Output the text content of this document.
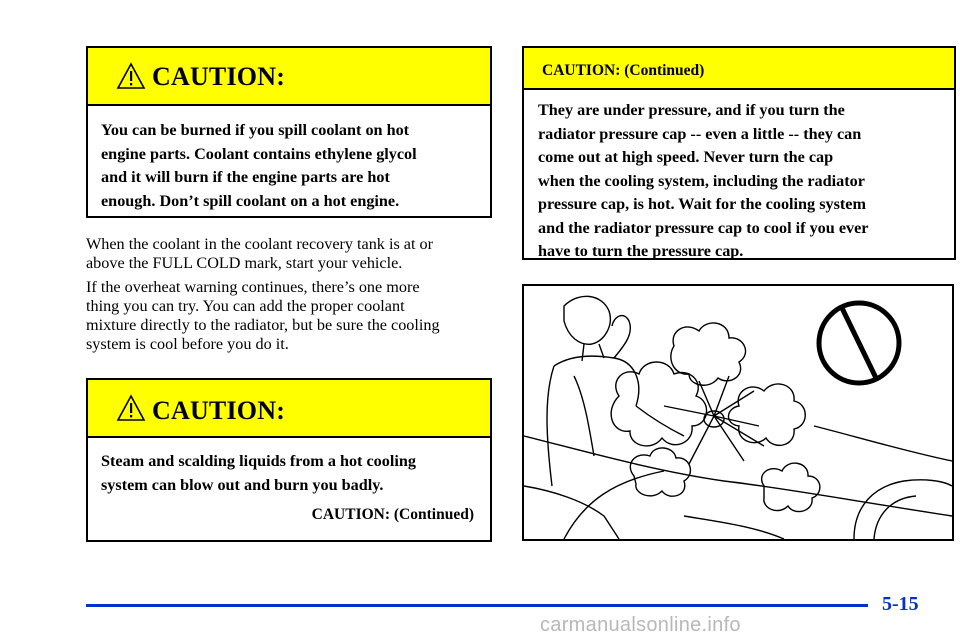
CAUTION:
You can be burned if you spill coolant on hot
engine parts. Coolant contains ethylene glycol
and it will burn if the engine parts are hot
enough. Don’t spill coolant on a hot engine.
When the coolant in the coolant recovery tank is at or
above the FULL COLD mark, start your vehicle.
If the overheat warning continues, there’s one more
thing you can try. You can add the proper coolant
mixture directly to the radiator, but be sure the cooling
system is cool before you do it.
CAUTION:
Steam and scalding liquids from a hot cooling
system can blow out and burn you badly.
CAUTION: (Continued)
CAUTION: (Continued)
They are under pressure, and if you turn the
radiator pressure cap -- even a little -- they can
come out at high speed. Never turn the cap
when the cooling system, including the radiator
pressure cap, is hot. Wait for the cooling system
and the radiator pressure cap to cool if you ever
have to turn the pressure cap.
5-15
carmanualsonline.info
